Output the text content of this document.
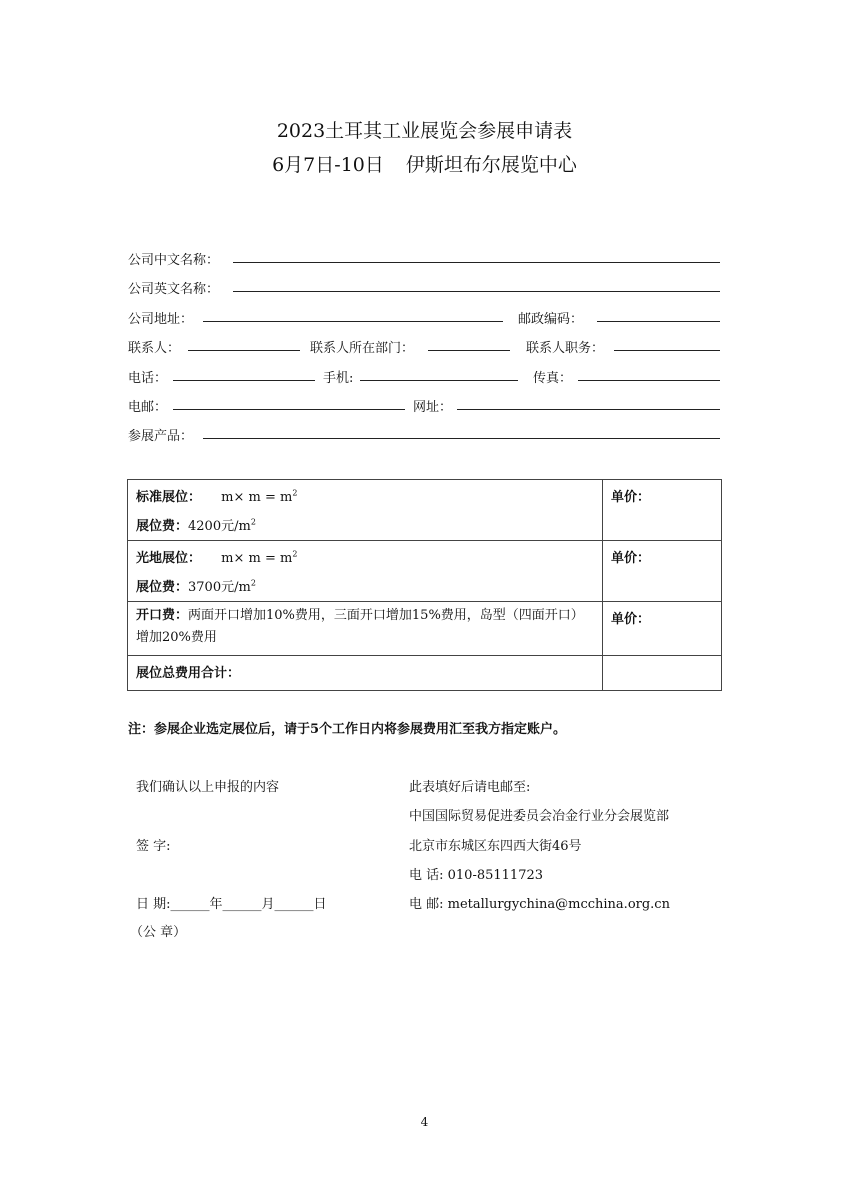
2023土耳其工业展览会参展申请表
6月7日-10日 伊斯坦布尔展览中心
公司中文名称：
公司英文名称：
公司地址：	邮政编码：
联系人：	联系人所在部门：	联系人职务：
电话：	手机:	传真：
电邮：	网址：
参展产品：
标准展位： $m\times m = m^2$
展位费：4200元$/m^2$	单价：

光地展位： $m\times m = m^2$
展位费：3700元$/m^2$	单价：
开口费：两面开口增加10%费用，三面开口增加15%费用，岛型（四面开口）增加20%费用	单价：
展位总费用合计：	
注：参展企业选定展位后，请于5个工作日内将参展费用汇至我方指定账户。
我们确认以上申报的内容
签 字:
日 期:______年______月______日
（公 章）
此表填好后请电邮至:
中国国际贸易促进委员会冶金行业分会展览部
北京市东城区东四西大街46号
电 话: 010-85111723
电 邮: metallurgychina@mcchina.org.cn
4
